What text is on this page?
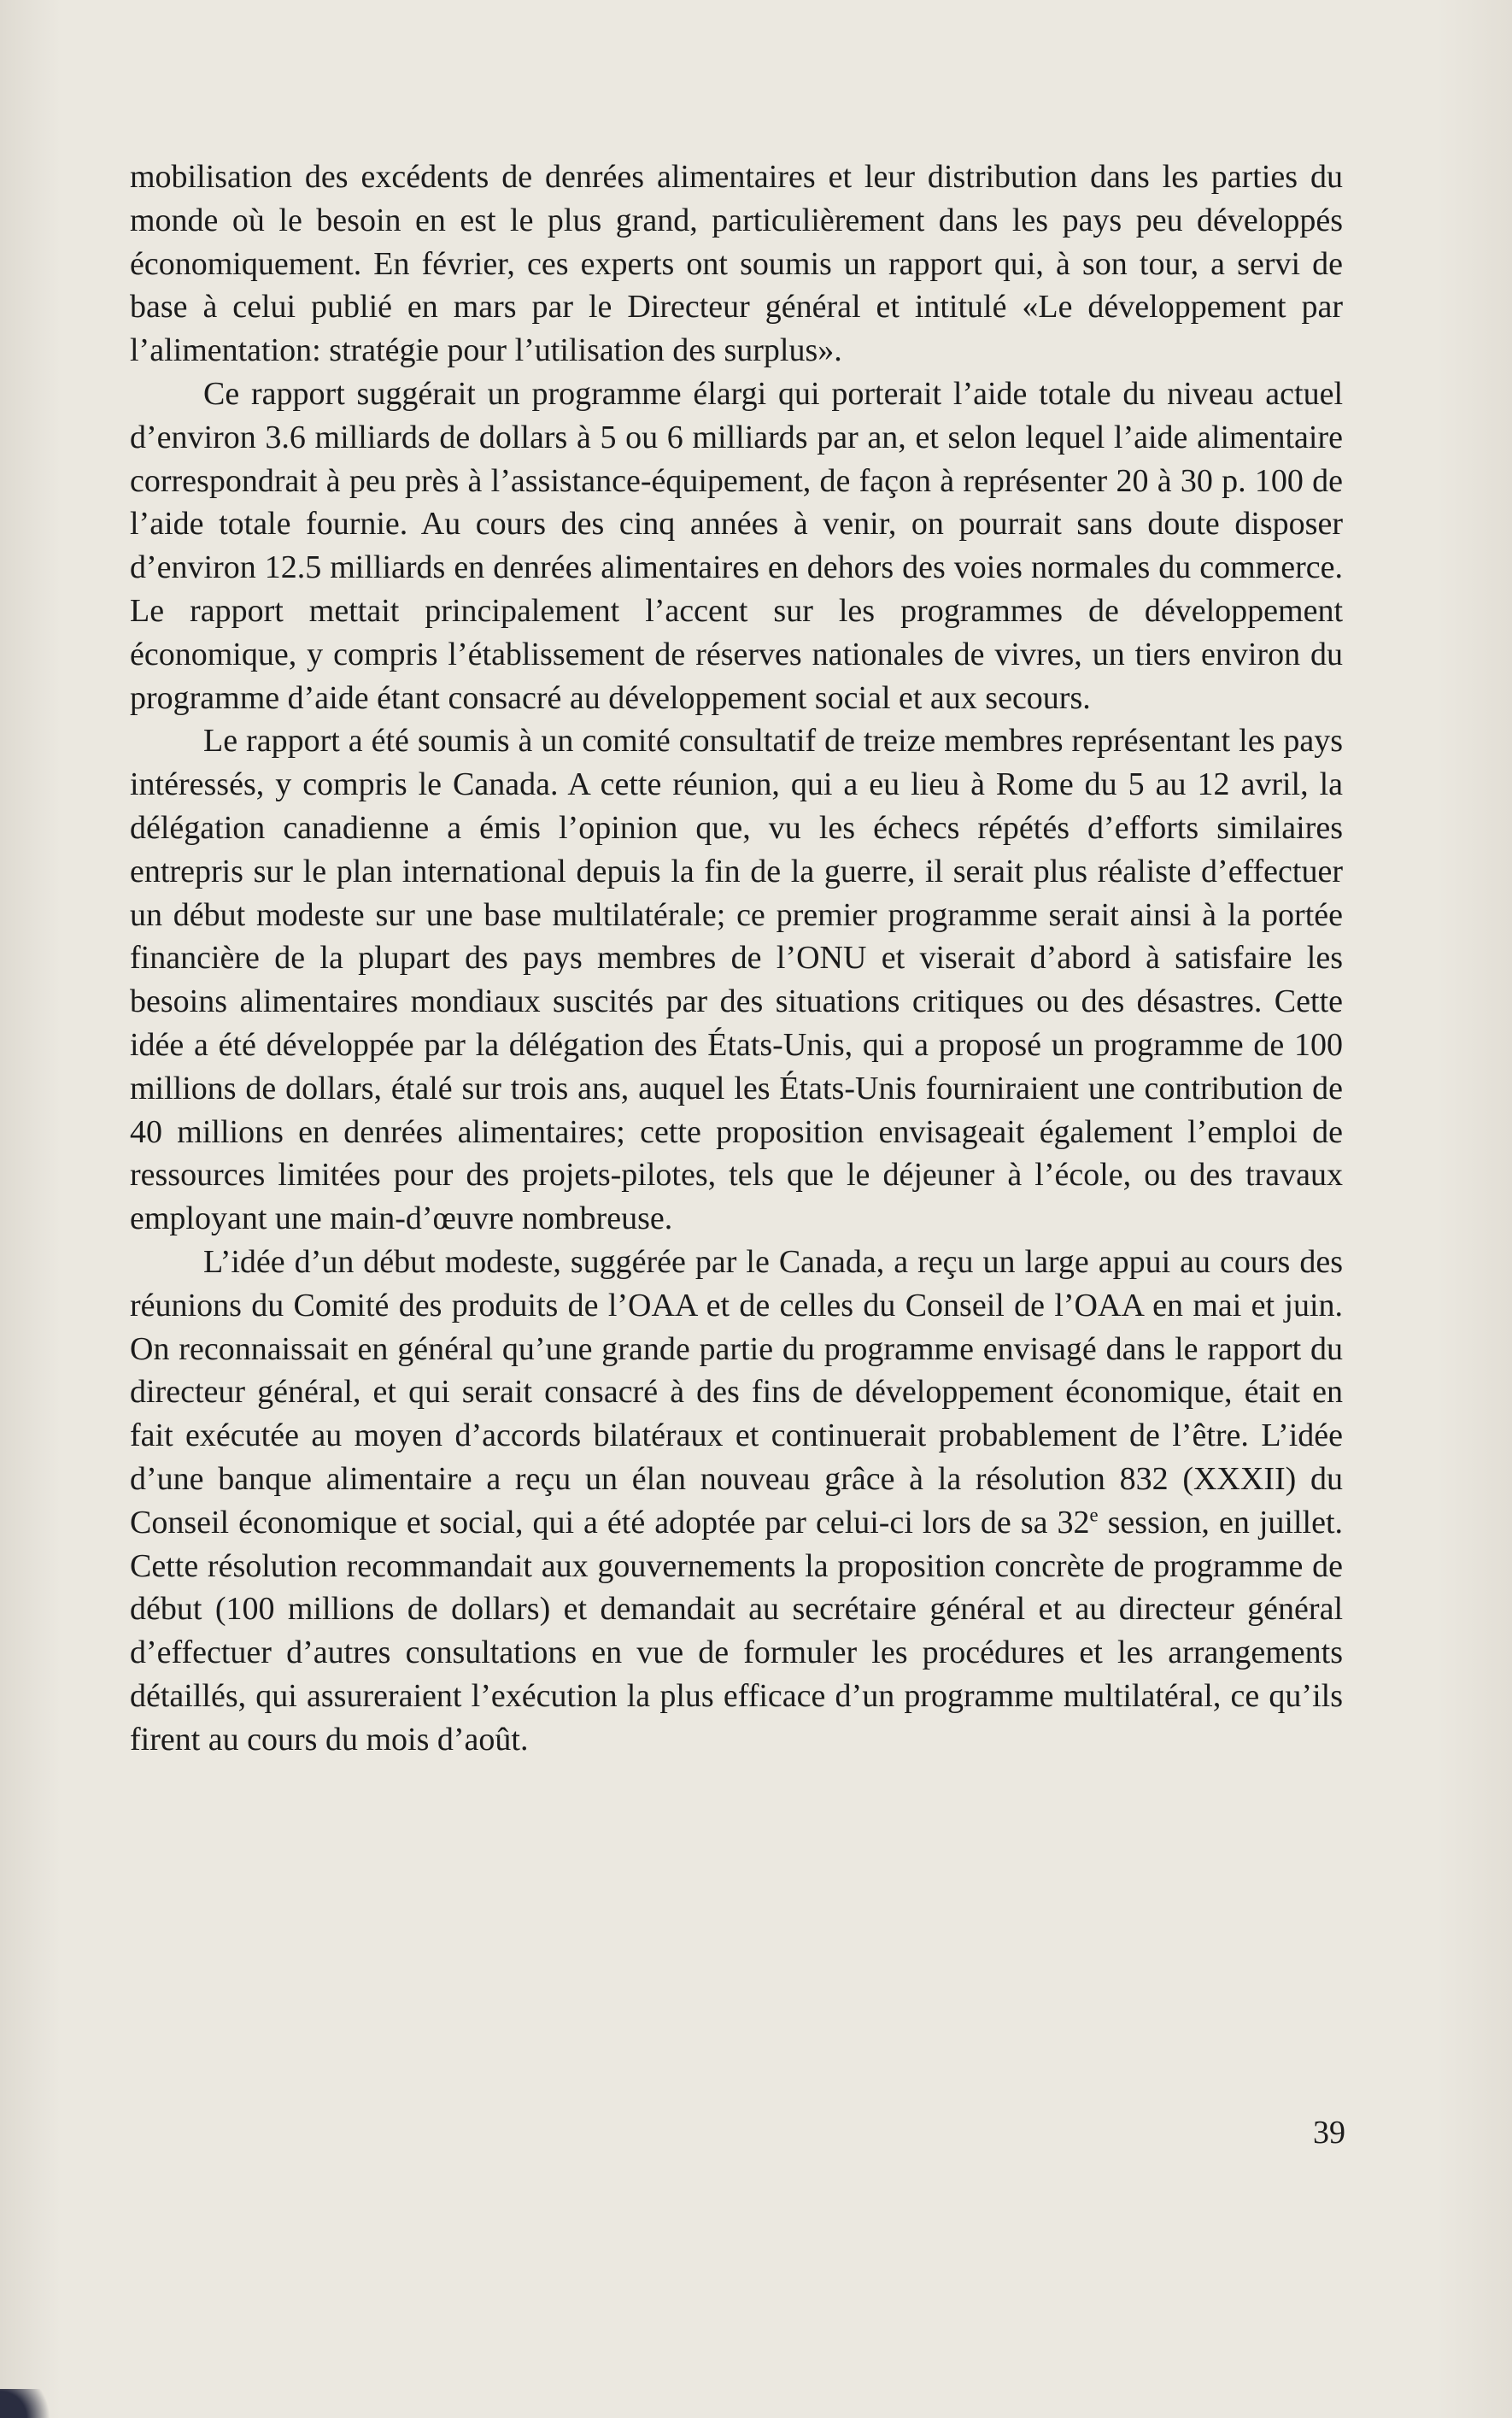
mobilisation des excédents de denrées alimentaires et leur distribution dans les parties du monde où le besoin en est le plus grand, particulièrement dans les pays peu développés économiquement. En février, ces experts ont soumis un rapport qui, à son tour, a servi de base à celui publié en mars par le Directeur général et intitulé «Le développement par l’alimentation: stratégie pour l’utilisation des surplus».

Ce rapport suggérait un programme élargi qui porterait l’aide totale du niveau actuel d’environ 3.6 milliards de dollars à 5 ou 6 milliards par an, et selon lequel l’aide alimentaire correspondrait à peu près à l’assistance-équipement, de façon à représenter 20 à 30 p. 100 de l’aide totale fournie. Au cours des cinq années à venir, on pourrait sans doute disposer d’environ 12.5 milliards en denrées alimentaires en dehors des voies normales du commerce. Le rapport mettait principalement l’accent sur les programmes de développement économique, y compris l’établissement de réserves nationales de vivres, un tiers environ du programme d’aide étant consacré au développement social et aux secours.

Le rapport a été soumis à un comité consultatif de treize membres représentant les pays intéressés, y compris le Canada. A cette réunion, qui a eu lieu à Rome du 5 au 12 avril, la délégation canadienne a émis l’opinion que, vu les échecs répétés d’efforts similaires entrepris sur le plan international depuis la fin de la guerre, il serait plus réaliste d’effectuer un début modeste sur une base multilatérale; ce premier programme serait ainsi à la portée financière de la plupart des pays membres de l’ONU et viserait d’abord à satisfaire les besoins alimentaires mondiaux suscités par des situations critiques ou des désastres. Cette idée a été développée par la délégation des États-Unis, qui a proposé un programme de 100 millions de dollars, étalé sur trois ans, auquel les États-Unis fourniraient une contribution de 40 millions en denrées alimentaires; cette proposition envisageait également l’emploi de ressources limitées pour des projets-pilotes, tels que le déjeuner à l’école, ou des travaux employant une main-d’œuvre nombreuse.

L’idée d’un début modeste, suggérée par le Canada, a reçu un large appui au cours des réunions du Comité des produits de l’OAA et de celles du Conseil de l’OAA en mai et juin. On reconnaissait en général qu’une grande partie du programme envisagé dans le rapport du directeur général, et qui serait consacré à des fins de développement économique, était en fait exécutée au moyen d’accords bilatéraux et continuerait probablement de l’être. L’idée d’une banque alimentaire a reçu un élan nouveau grâce à la résolution 832 (XXXII) du Conseil économique et social, qui a été adoptée par celui-ci lors de sa 32e session, en juillet. Cette résolution recommandait aux gouvernements la proposition concrète de programme de début (100 millions de dollars) et demandait au secrétaire général et au directeur général d’effectuer d’autres consultations en vue de formuler les procédures et les arrangements détaillés, qui assureraient l’exécution la plus efficace d’un programme multilatéral, ce qu’ils firent au cours du mois d’août.

39
